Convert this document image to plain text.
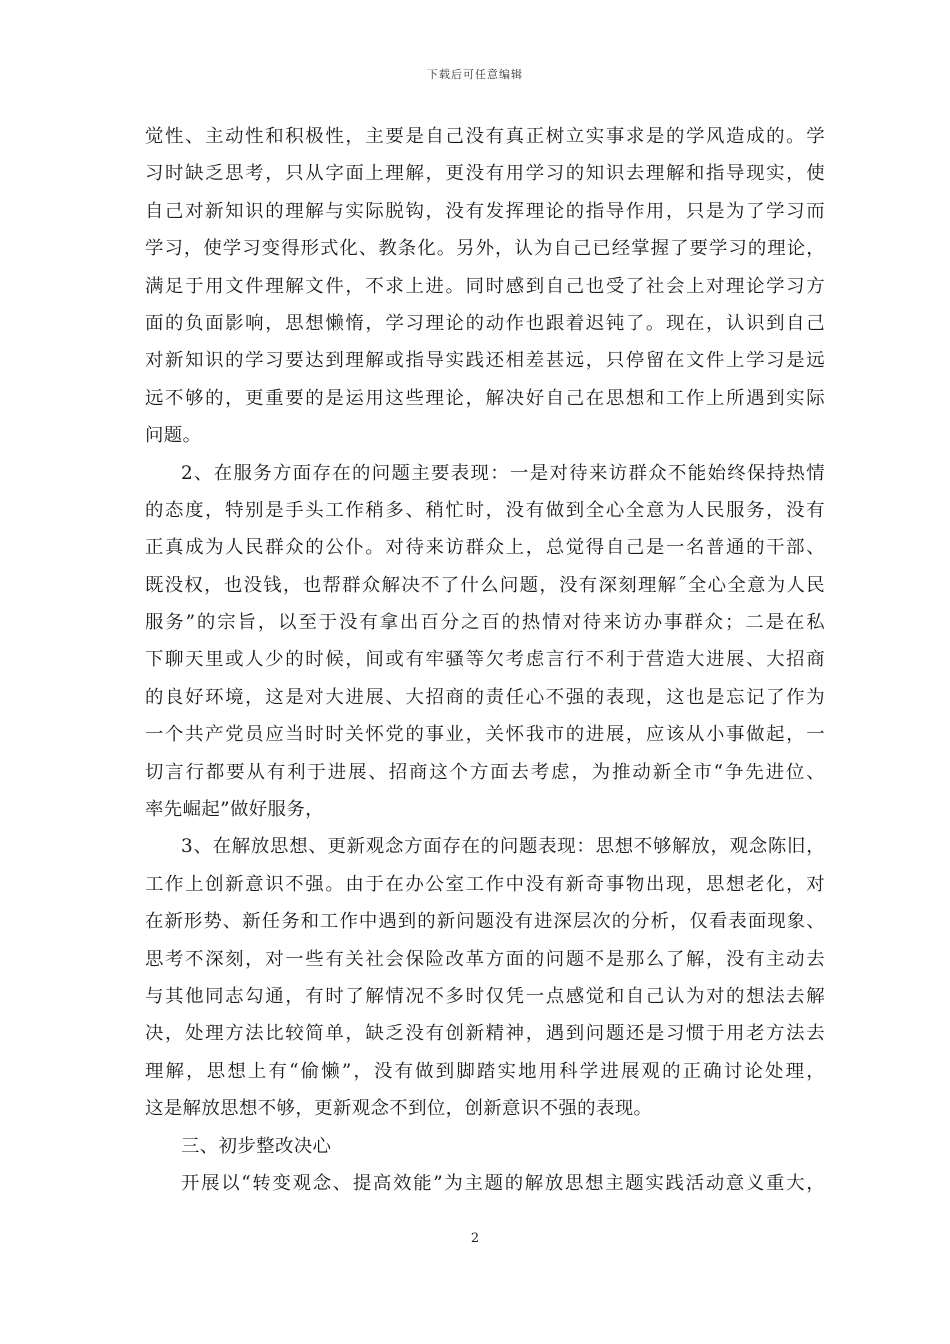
下载后可任意编辑
觉性、主动性和积极性，主要是自己没有真正树立实事求是的学风造成的。学
习时缺乏思考，只从字面上理解，更没有用学习的知识去理解和指导现实，使
自己对新知识的理解与实际脱钩，没有发挥理论的指导作用，只是为了学习而
学习，使学习变得形式化、教条化。另外，认为自己已经掌握了要学习的理论，
满足于用文件理解文件，不求上进。同时感到自己也受了社会上对理论学习方
面的负面影响，思想懒惰，学习理论的动作也跟着迟钝了。现在，认识到自己
对新知识的学习要达到理解或指导实践还相差甚远，只停留在文件上学习是远
远不够的，更重要的是运用这些理论，解决好自己在思想和工作上所遇到实际
问题。
2、在服务方面存在的问题主要表现：一是对待来访群众不能始终保持热情
的态度，特别是手头工作稍多、稍忙时，没有做到全心全意为人民服务，没有
正真成为人民群众的公仆。对待来访群众上，总觉得自己是一名普通的干部、
既没权，也没钱，也帮群众解决不了什么问题，没有深刻理解˝全心全意为人民
服务”的宗旨，以至于没有拿出百分之百的热情对待来访办事群众；二是在私
下聊天里或人少的时候，间或有牢骚等欠考虑言行不利于营造大进展、大招商
的良好环境，这是对大进展、大招商的责任心不强的表现，这也是忘记了作为
一个共产党员应当时时关怀党的事业，关怀我市的进展，应该从小事做起，一
切言行都要从有利于进展、招商这个方面去考虑，为推动新全市“争先进位、
率先崛起”做好服务，
3、在解放思想、更新观念方面存在的问题表现：思想不够解放，观念陈旧，
工作上创新意识不强。由于在办公室工作中没有新奇事物出现，思想老化，对
在新形势、新任务和工作中遇到的新问题没有进深层次的分析，仅看表面现象、
思考不深刻，对一些有关社会保险改革方面的问题不是那么了解，没有主动去
与其他同志勾通，有时了解情况不多时仅凭一点感觉和自己认为对的想法去解
决，处理方法比较简单，缺乏没有创新精神，遇到问题还是习惯于用老方法去
理解，思想上有“偷懒”，没有做到脚踏实地用科学进展观的正确讨论处理，
这是解放思想不够，更新观念不到位，创新意识不强的表现。
三、初步整改决心
开展以“转变观念、提高效能”为主题的解放思想主题实践活动意义重大，
2
